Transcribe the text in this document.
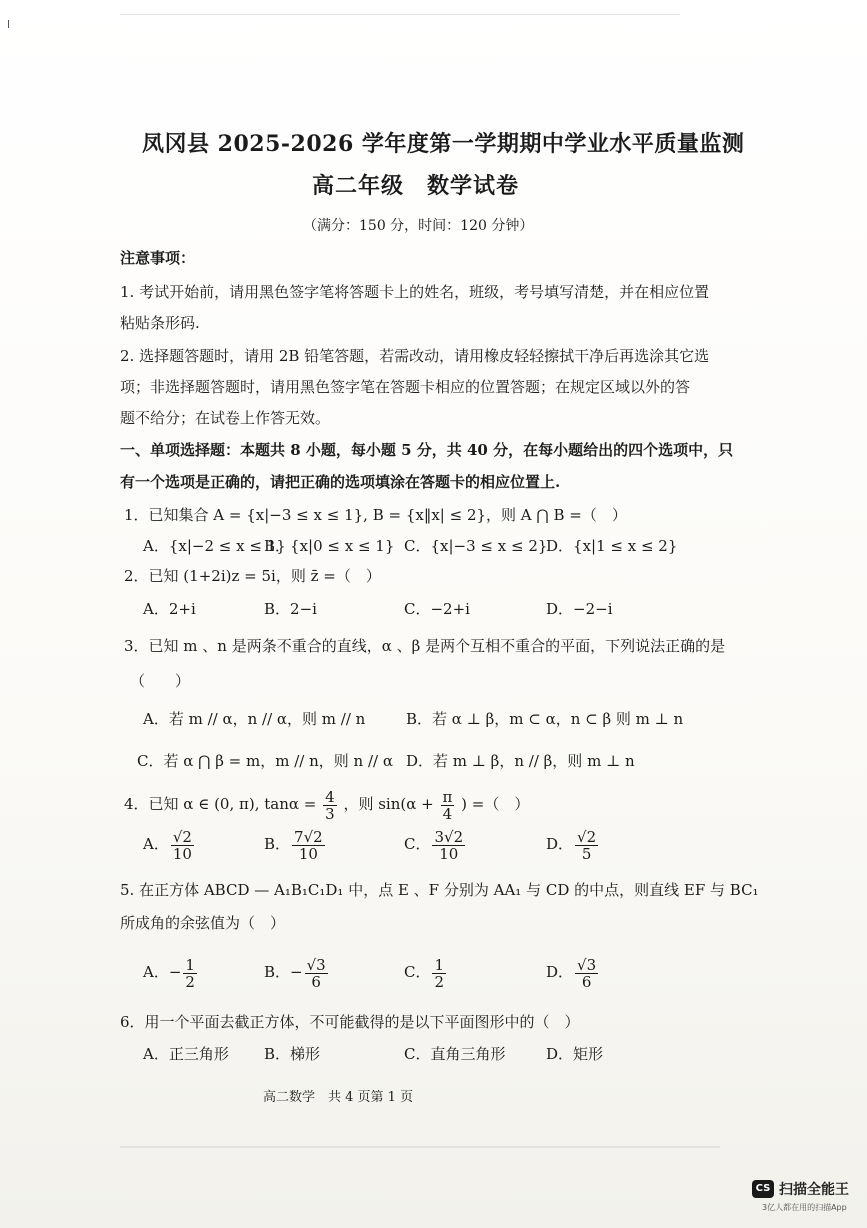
凤冈县 2025-2026 学年度第一学期期中学业水平质量监测
高二年级　数学试卷
（满分：150 分，时间：120 分钟）
注意事项：
1. 考试开始前，请用黑色签字笔将答题卡上的姓名，班级，考号填写清楚，并在相应位置
粘贴条形码.
2. 选择题答题时，请用 2B 铅笔答题，若需改动，请用橡皮轻轻擦拭干净后再选涂其它选
项；非选择题答题时，请用黑色签字笔在答题卡相应的位置答题；在规定区域以外的答
题不给分；在试卷上作答无效。
一、单项选择题：本题共 8 小题，每小题 5 分，共 40 分，在每小题给出的四个选项中，只
有一个选项是正确的，请把正确的选项填涂在答题卡的相应位置上.
1．已知集合 A = {x|−3 ≤ x ≤ 1}, B = {x‖x| ≤ 2}，则 A ⋂ B =（　）
A．{x|−2 ≤ x ≤ 1}
B．{x|0 ≤ x ≤ 1} C．{x|−3 ≤ x ≤ 2}
D．{x|1 ≤ x ≤ 2}
2．已知 (1+2i)z = 5i，则 z̄ =（　）
A．2+i	B．2−i	C．−2+i	D．−2−i
3．已知 m 、n 是两条不重合的直线，α 、β 是两个互相不重合的平面，下列说法正确的是
（　　）
A．若 m // α，n // α，则 m // n	B．若 α ⊥ β，m ⊂ α，n ⊂ β 则 m ⊥ n
C．若 α ⋂ β = m，m // n，则 n // α D．若 m ⊥ β，n // β，则 m ⊥ n
4．已知 α ∈ (0, π), $\tan\alpha = \frac{4}{3}$ ，则 $\sin(\alpha + \frac{\pi}{4}$ ) =（　）
A． $\frac{√2}{10}$	B． $\frac{7√2}{10}$	C． $\frac{3√2}{10}$	D． $\frac{√2}{5}$
5. 在正方体 ABCD — A₁B₁C₁D₁ 中，点 E 、F 分别为 AA₁ 与 CD 的中点，则直线 EF 与 BC₁
所成角的余弦值为（　）
A．− $\frac{1}{2}$	B．− $\frac{√3}{6}$	C． $\frac{1}{2}$	D． $\frac{√3}{6}$
6．用一个平面去截正方体，不可能截得的是以下平面图形中的（　）
A．正三角形 B．梯形	C．直角三角形	D．矩形
高二数学　共 4 页第 1 页
CS 扫描全能王
3亿人都在用的扫描App
